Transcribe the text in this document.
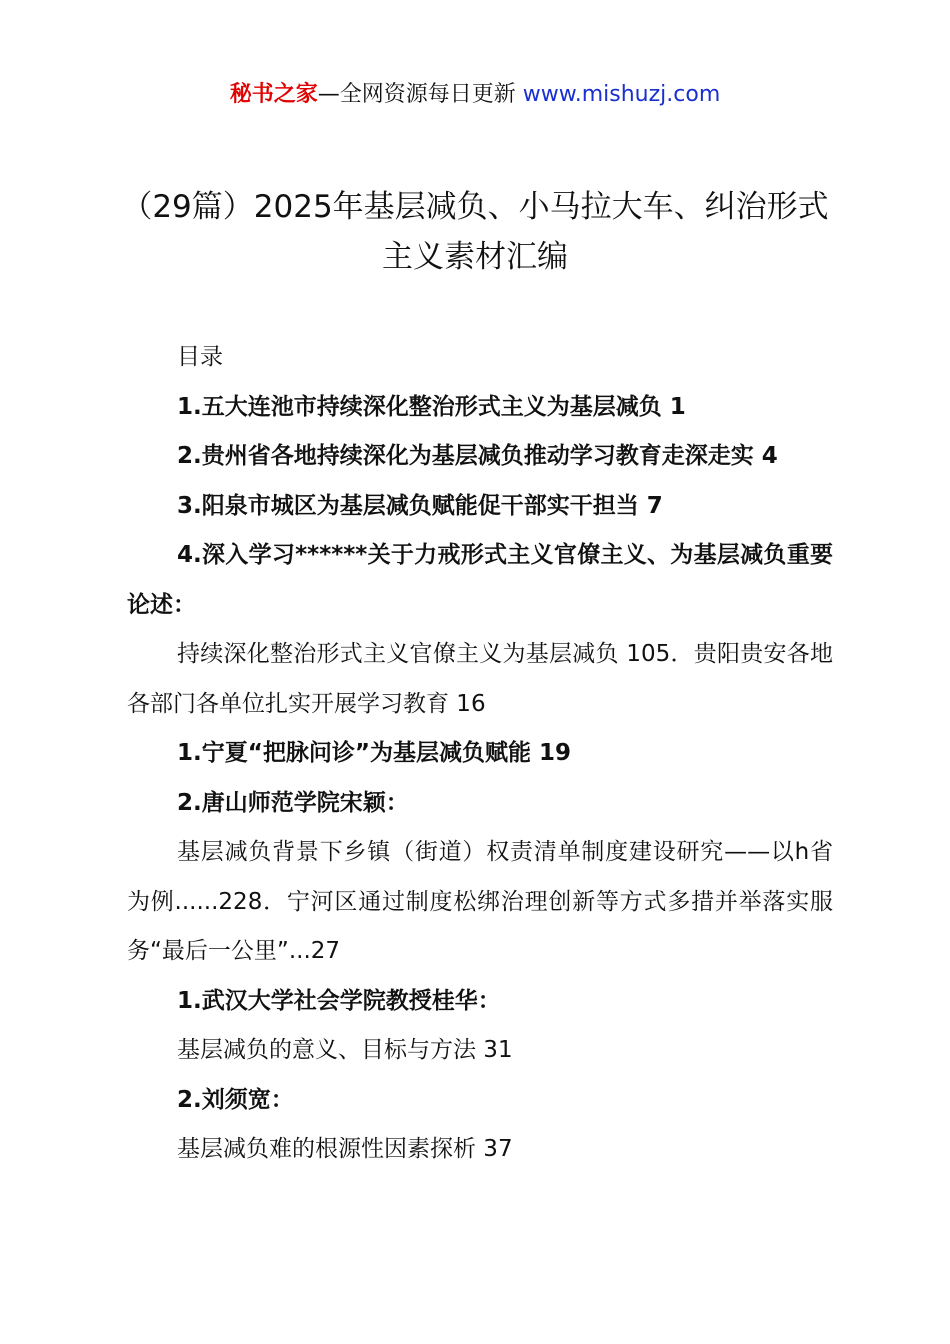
秘书之家—全网资源每日更新 www.mishuzj.com
（29篇）2025年基层减负、小马拉大车、纠治形式主义素材汇编

目录

1.五大连池市持续深化整治形式主义为基层减负 1

2.贵州省各地持续深化为基层减负推动学习教育走深走实 4

3.阳泉市城区为基层减负赋能促干部实干担当 7

4.深入学习******关于力戒形式主义官僚主义、为基层减负重要论述：

持续深化整治形式主义官僚主义为基层减负 105．贵阳贵安各地各部门各单位扎实开展学习教育 16

1.宁夏“把脉问诊”为基层减负赋能 19

2.唐山师范学院宋颖：

基层减负背景下乡镇（街道）权责清单制度建设研究——以h省为例......228．宁河区通过制度松绑治理创新等方式多措并举落实服务“最后一公里”...27

1.武汉大学社会学院教授桂华：

基层减负的意义、目标与方法 31

2.刘须宽：

基层减负难的根源性因素探析 37
